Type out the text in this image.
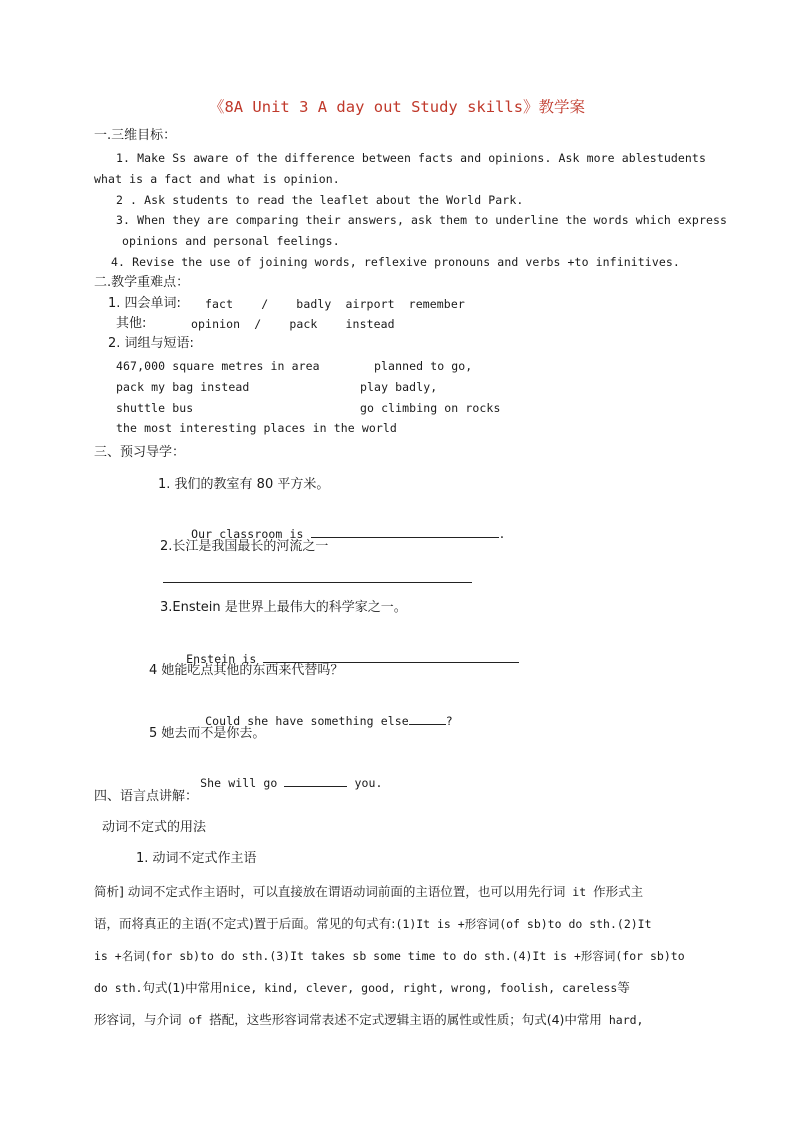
《8A Unit 3 A day out Study skills》教学案
一.三维目标：
1. Make Ss aware of the difference between facts and opinions. Ask more ablestudents
what is a fact and what is opinion.
2 . Ask students to read the leaflet about the World Park.
3. When they are comparing their answers, ask them to underline the words which express
opinions and personal feelings.
4. Revise the use of joining words, reflexive pronouns and verbs +to infinitives.
二.教学重难点：
1. 四会单词: fact    /    badly  airport  remember
其他:	opinion  /    pack    instead
2. 词组与短语:
467,000 square metres in area	planned to go,
pack my bag instead	play badly,
shuttle bus	go climbing on rocks
the most interesting places in the world
三、预习导学：
1. 我们的教室有 80 平方米。

Our classroom is	.

2.长江是我国最长的河流之一
3.Enstein 是世界上最伟大的科学家之一。

Enstein is

4 她能吃点其他的东西来代替吗？

Could she have something else	?

5 她去而不是你去。

She will go	you.

四、语言点讲解：
动词不定式的用法
1. 动词不定式作主语
简析] 动词不定式作主语时，可以直接放在谓语动词前面的主语位置，也可以用先行词 it 作形式主
语，而将真正的主语(不定式)置于后面。常见的句式有:(1)It is +形容词(of sb)to do sth.(2)It
is +名词(for sb)to do sth.(3)It takes sb some time to do sth.(4)It is +形容词(for sb)to
do sth.句式(1)中常用nice, kind, clever, good, right, wrong, foolish, careless等
形容词，与介词 of 搭配，这些形容词常表述不定式逻辑主语的属性或性质；句式(4)中常用 hard,
